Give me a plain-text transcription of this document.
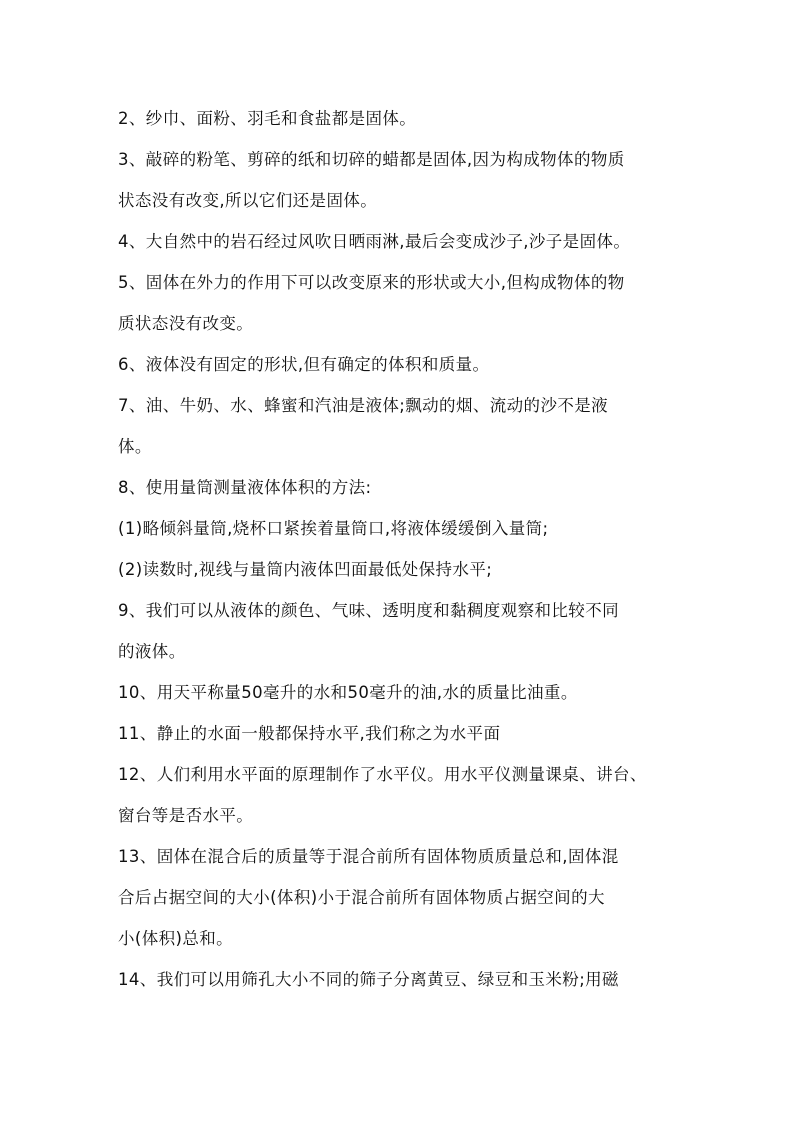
2、纱巾、面粉、羽毛和食盐都是固体。
3、敲碎的粉笔、剪碎的纸和切碎的蜡都是固体,因为构成物体的物质
状态没有改变,所以它们还是固体。
4、大自然中的岩石经过风吹日晒雨淋,最后会变成沙子,沙子是固体。
5、固体在外力的作用下可以改变原来的形状或大小,但构成物体的物
质状态没有改变。
6、液体没有固定的形状,但有确定的体积和质量。
7、油、牛奶、水、蜂蜜和汽油是液体;飘动的烟、流动的沙不是液
体。
8、使用量筒测量液体体积的方法:
(1)略倾斜量筒,烧杯口紧挨着量筒口,将液体缓缓倒入量筒;
(2)读数时,视线与量筒内液体凹面最低处保持水平;
9、我们可以从液体的颜色、气味、透明度和黏稠度观察和比较不同
的液体。
10、用天平称量50毫升的水和50毫升的油,水的质量比油重。
11、静止的水面一般都保持水平,我们称之为水平面
12、人们利用水平面的原理制作了水平仪。用水平仪测量课桌、讲台、
窗台等是否水平。
13、固体在混合后的质量等于混合前所有固体物质质量总和,固体混
合后占据空间的大小(体积)小于混合前所有固体物质占据空间的大
小(体积)总和。
14、我们可以用筛孔大小不同的筛子分离黄豆、绿豆和玉米粉;用磁
